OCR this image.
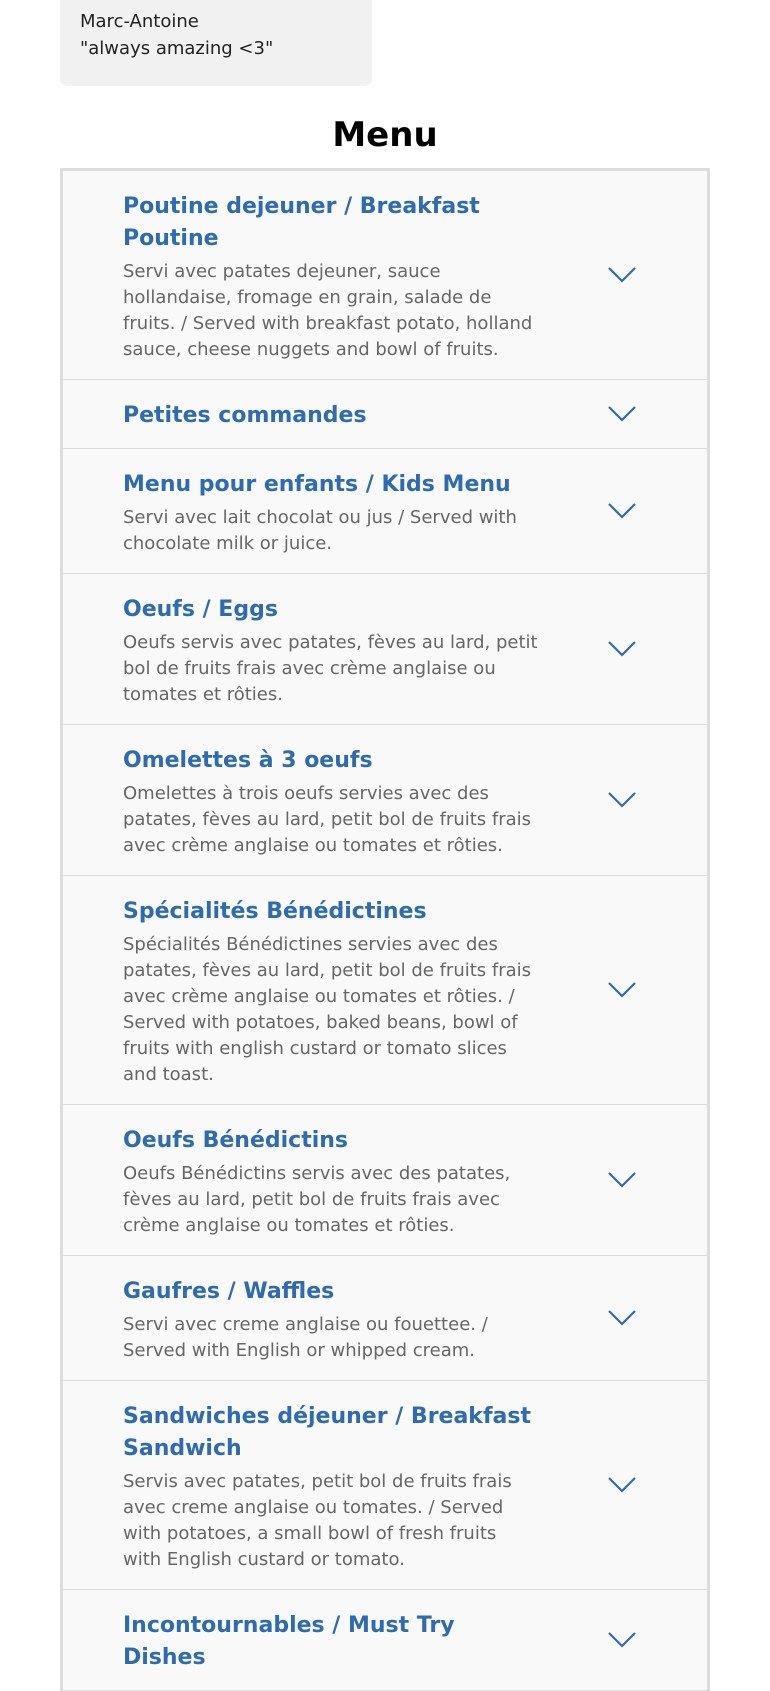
Marc-Antoine
"always amazing <3"
Menu

Poutine dejeuner / Breakfast Poutine

Servi avec patates dejeuner, sauce hollandaise, fromage en grain, salade de fruits. / Served with breakfast potato, holland sauce, cheese nuggets and bowl of fruits.

Petites commandes

Menu pour enfants / Kids Menu

Servi avec lait chocolat ou jus / Served with chocolate milk or juice.

Oeufs / Eggs

Oeufs servis avec patates, fèves au lard, petit bol de fruits frais avec crème anglaise ou tomates et rôties.

Omelettes à 3 oeufs

Omelettes à trois oeufs servies avec des patates, fèves au lard, petit bol de fruits frais avec crème anglaise ou tomates et rôties.

Spécialités Bénédictines

Spécialités Bénédictines servies avec des patates, fèves au lard, petit bol de fruits frais avec crème anglaise ou tomates et rôties. / Served with potatoes, baked beans, bowl of fruits with english custard or tomato slices and toast.

Oeufs Bénédictins

Oeufs Bénédictins servis avec des patates, fèves au lard, petit bol de fruits frais avec crème anglaise ou tomates et rôties.

Gaufres / Waffles

Servi avec creme anglaise ou fouettee. / Served with English or whipped cream.

Sandwiches déjeuner / Breakfast Sandwich

Servis avec patates, petit bol de fruits frais avec creme anglaise ou tomates. / Served with potatoes, a small bowl of fresh fruits with English custard or tomato.

Incontournables / Must Try Dishes
